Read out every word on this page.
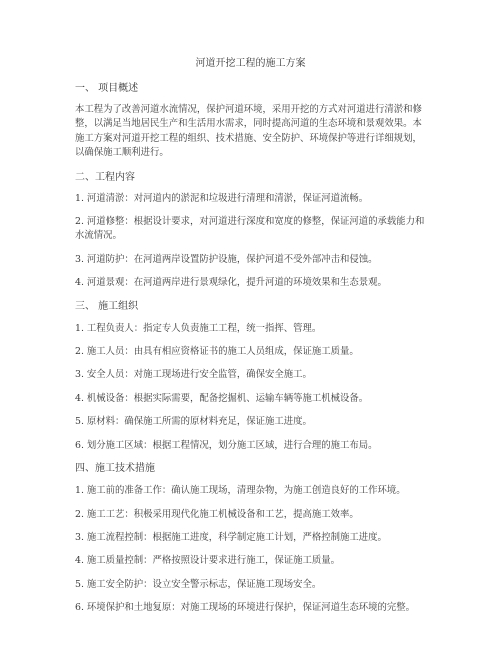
河道开挖工程的施工方案
一、 项目概述

本工程为了改善河道水流情况，保护河道环境，采用开挖的方式对河道进行清淤和修整，以满足当地居民生产和生活用水需求，同时提高河道的生态环境和景观效果。本施工方案对河道开挖工程的组织、技术措施、安全防护、环境保护等进行详细规划，以确保施工顺利进行。

二、工程内容
1. 河道清淤：对河道内的淤泥和垃圾进行清理和清淤，保证河道流畅。
2. 河道修整：根据设计要求，对河道进行深度和宽度的修整，保证河道的承载能力和水流情况。
3. 河道防护：在河道两岸设置防护设施，保护河道不受外部冲击和侵蚀。
4. 河道景观：在河道两岸进行景观绿化，提升河道的环境效果和生态景观。
三、 施工组织
1. 工程负责人：指定专人负责施工工程，统一指挥、管理。
2. 施工人员：由具有相应资格证书的施工人员组成，保证施工质量。
3. 安全人员：对施工现场进行安全监管，确保安全施工。
4. 机械设备：根据实际需要，配备挖掘机、运输车辆等施工机械设备。
5. 原材料：确保施工所需的原材料充足，保证施工进度。
6. 划分施工区域：根据工程情况，划分施工区域，进行合理的施工布局。
四、施工技术措施
1. 施工前的准备工作：确认施工现场，清理杂物，为施工创造良好的工作环境。
2. 施工工艺：积极采用现代化施工机械设备和工艺，提高施工效率。
3. 施工流程控制：根据施工进度，科学制定施工计划，严格控制施工进度。
4. 施工质量控制：严格按照设计要求进行施工，保证施工质量。
5. 施工安全防护：设立安全警示标志，保证施工现场安全。
6. 环境保护和土地复原：对施工现场的环境进行保护，保证河道生态环境的完整。
